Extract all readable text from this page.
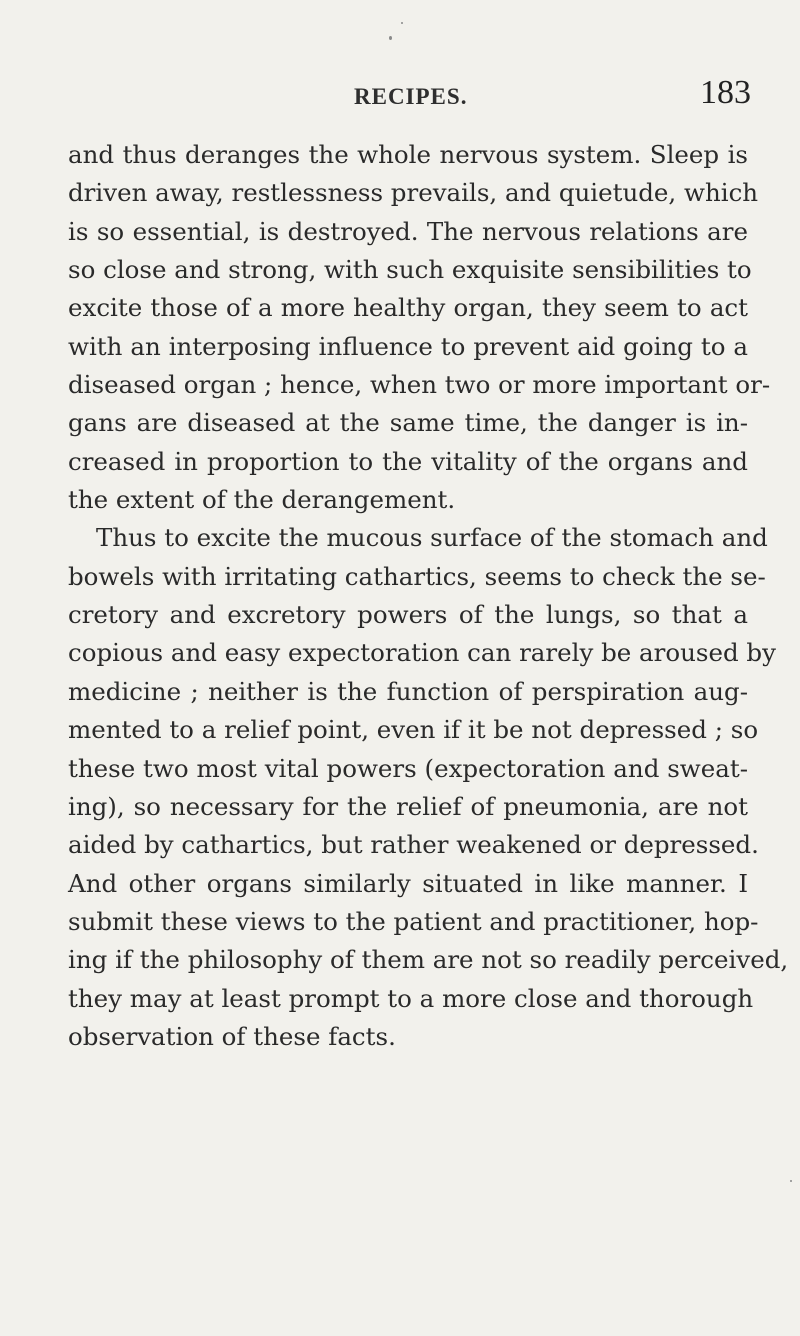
RECIPES.	183
and thus deranges the whole nervous system. Sleep is
driven away, restlessness prevails, and quietude, which
is so essential, is destroyed. The nervous relations are
so close and strong, with such exquisite sensibilities to
excite those of a more healthy organ, they seem to act
with an interposing influence to prevent aid going to a
diseased organ ; hence, when two or more important or-
gans are diseased at the same time, the danger is in-
creased in proportion to the vitality of the organs and
the extent of the derangement.
Thus to excite the mucous surface of the stomach and
bowels with irritating cathartics, seems to check the se-
cretory and excretory powers of the lungs, so that a
copious and easy expectoration can rarely be aroused by
medicine ; neither is the function of perspiration aug-
mented to a relief point, even if it be not depressed ; so
these two most vital powers (expectoration and sweat-
ing), so necessary for the relief of pneumonia, are not
aided by cathartics, but rather weakened or depressed.
And other organs similarly situated in like manner. I
submit these views to the patient and practitioner, hop-
ing if the philosophy of them are not so readily perceived,
they may at least prompt to a more close and thorough
observation of these facts.
